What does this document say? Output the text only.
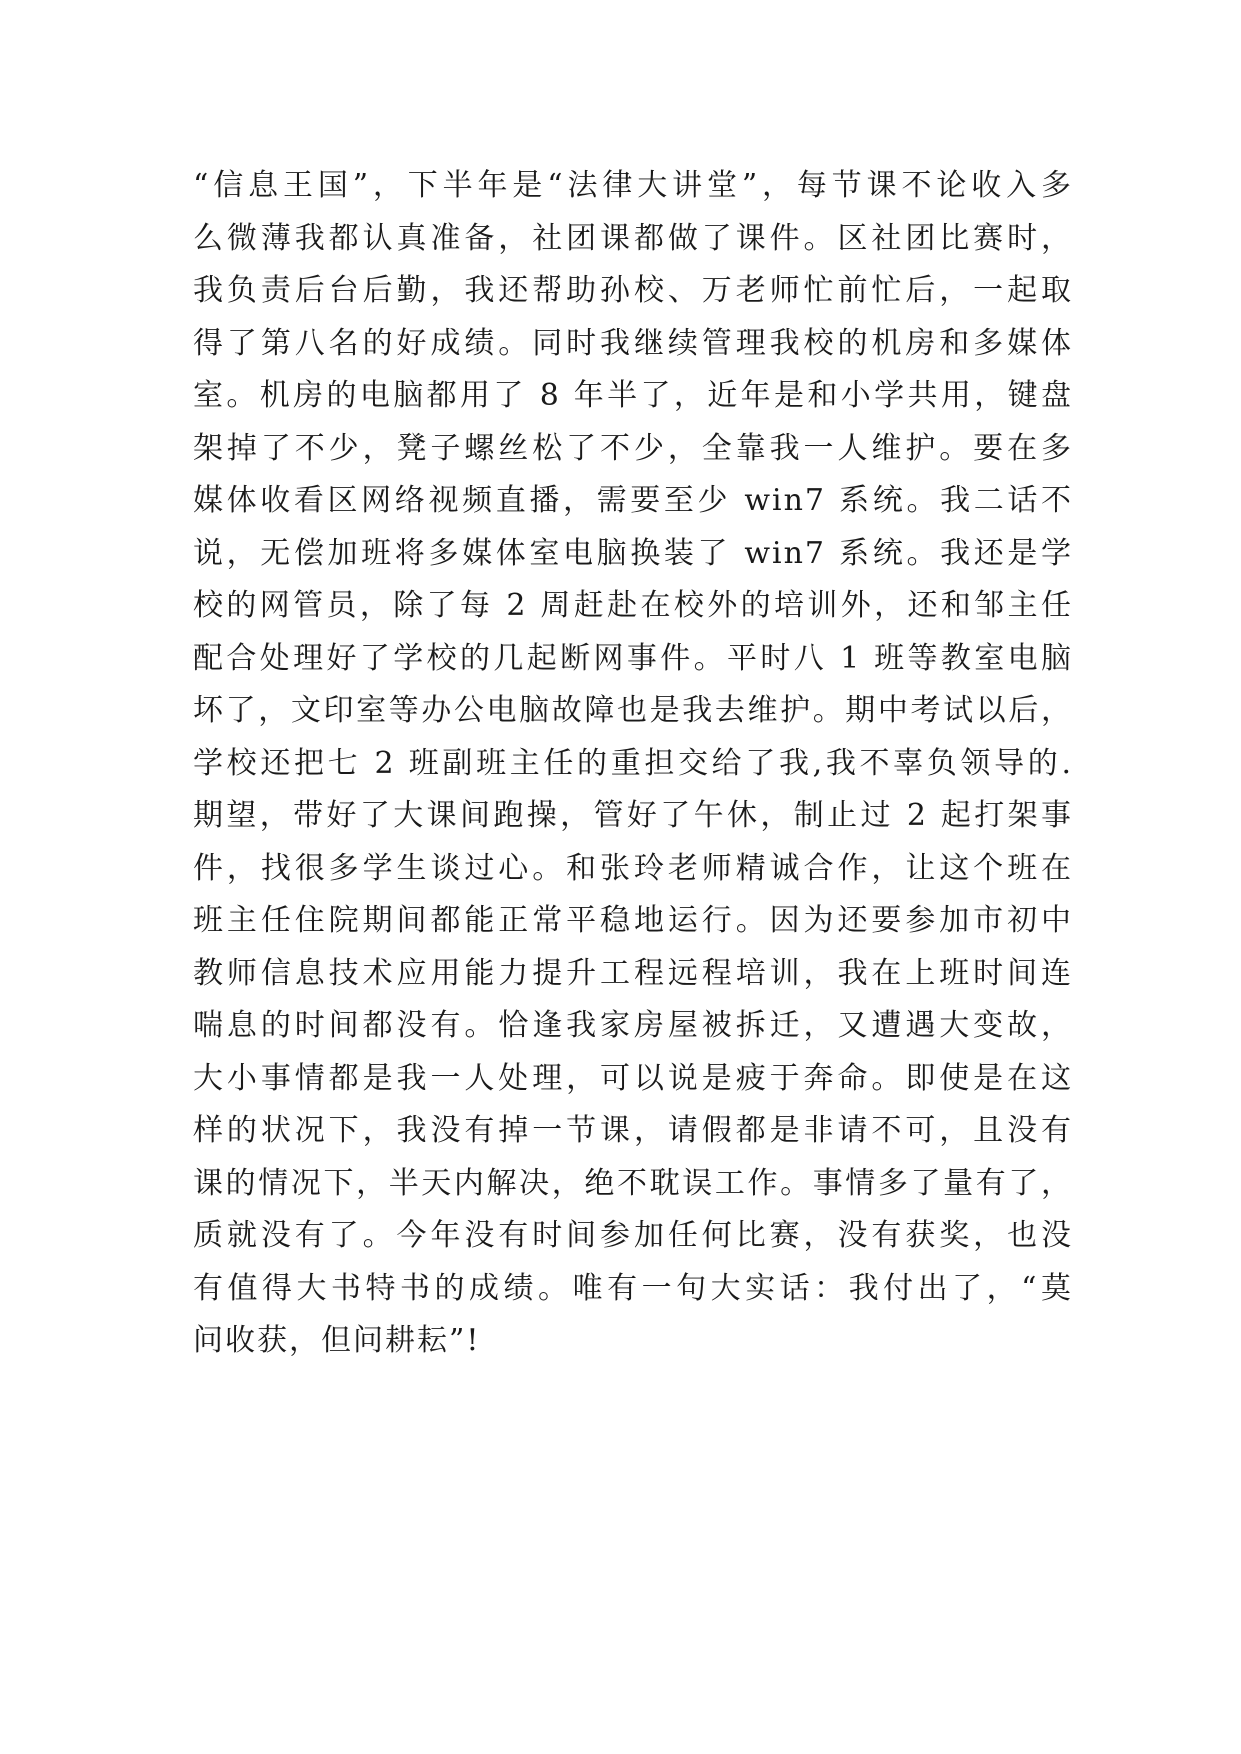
“信息王国”，下半年是“法律大讲堂”，每节课不论收入多
么微薄我都认真准备，社团课都做了课件。区社团比赛时，
我负责后台后勤，我还帮助孙校、万老师忙前忙后，一起取
得了第八名的好成绩。同时我继续管理我校的机房和多媒体
室。机房的电脑都用了 8 年半了，近年是和小学共用，键盘
架掉了不少，凳子螺丝松了不少，全靠我一人维护。要在多
媒体收看区网络视频直播，需要至少 win7 系统。我二话不
说，无偿加班将多媒体室电脑换装了 win7 系统。我还是学
校的网管员，除了每 2 周赶赴在校外的培训外，还和邹主任
配合处理好了学校的几起断网事件。平时八 1 班等教室电脑
坏了，文印室等办公电脑故障也是我去维护。期中考试以后，
学校还把七 2 班副班主任的重担交给了我,我不辜负领导的.
期望，带好了大课间跑操，管好了午休，制止过 2 起打架事
件，找很多学生谈过心。和张玲老师精诚合作，让这个班在
班主任住院期间都能正常平稳地运行。因为还要参加市初中
教师信息技术应用能力提升工程远程培训，我在上班时间连
喘息的时间都没有。恰逢我家房屋被拆迁，又遭遇大变故，
大小事情都是我一人处理，可以说是疲于奔命。即使是在这
样的状况下，我没有掉一节课，请假都是非请不可，且没有
课的情况下，半天内解决，绝不耽误工作。事情多了量有了，
质就没有了。今年没有时间参加任何比赛，没有获奖，也没
有值得大书特书的成绩。唯有一句大实话：我付出了，“莫
问收获，但问耕耘”!
